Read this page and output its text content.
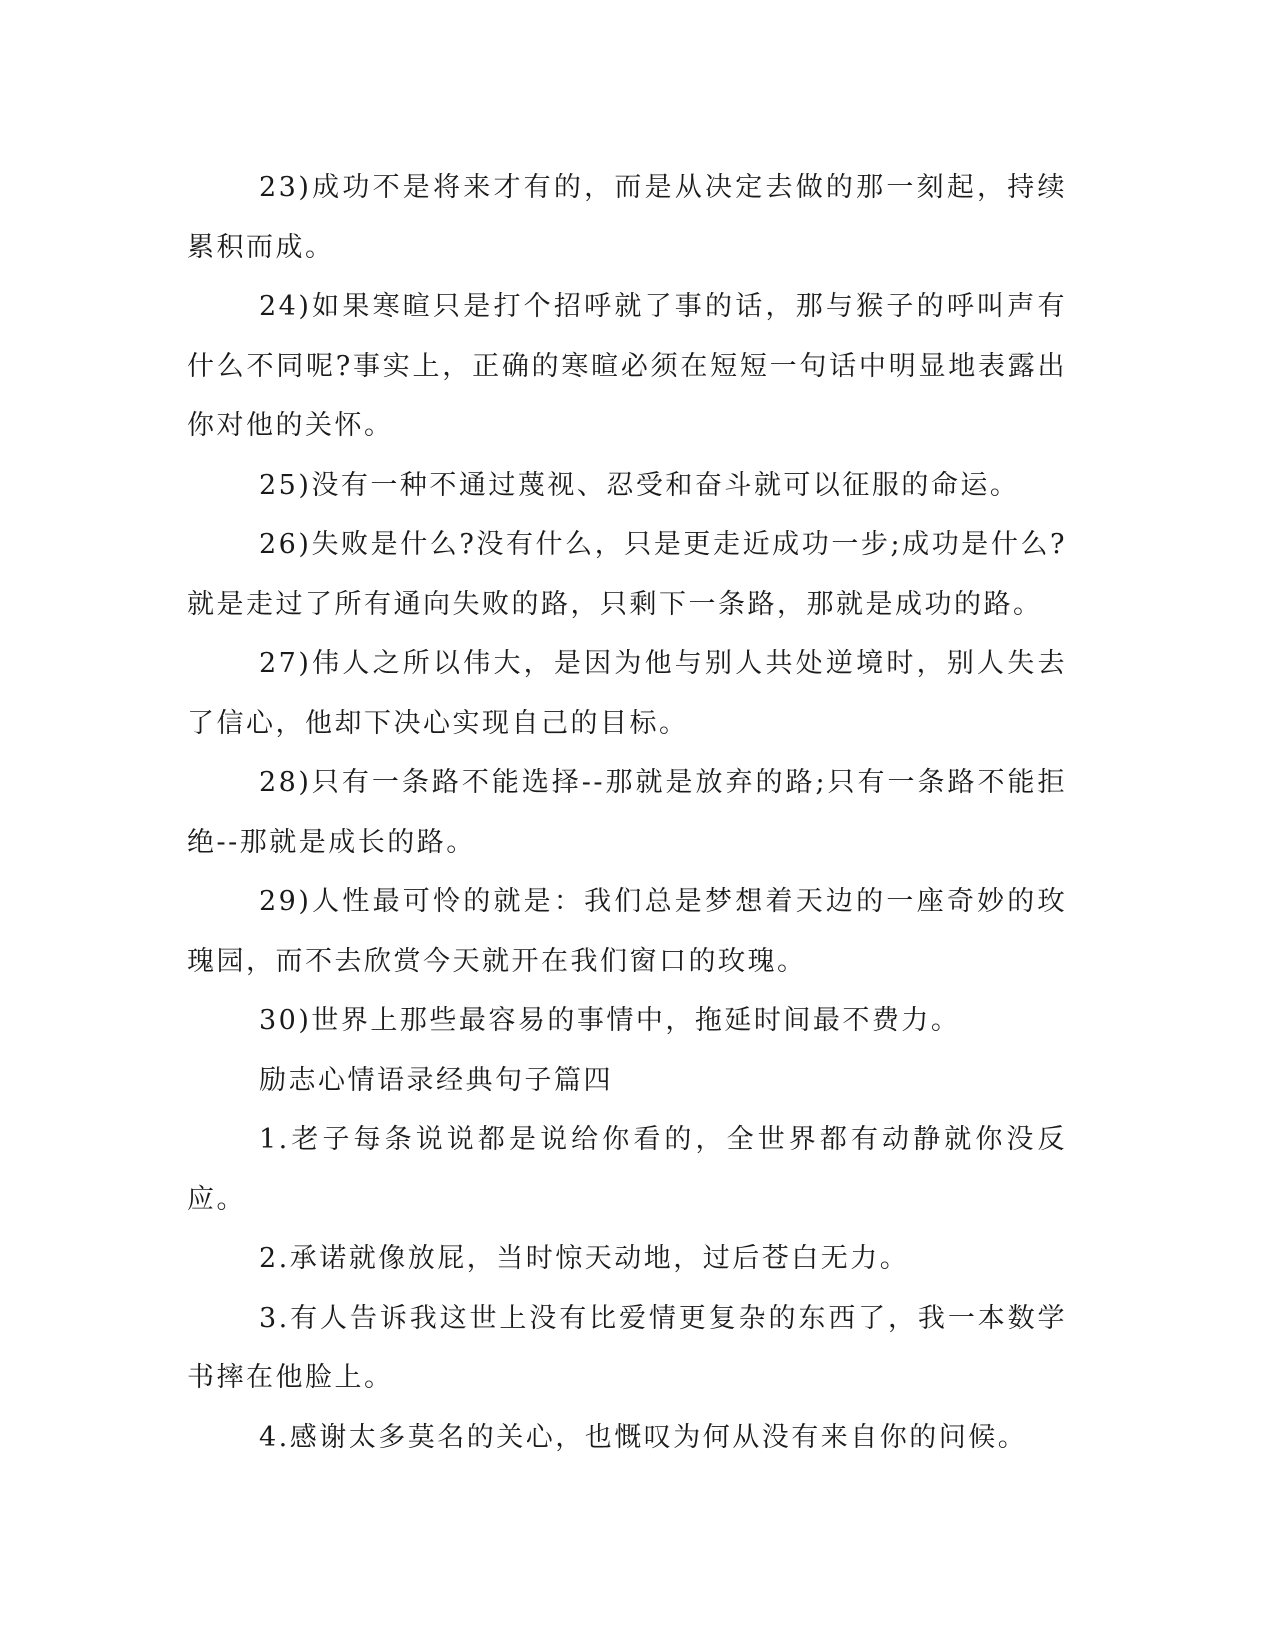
23)成功不是将来才有的，而是从决定去做的那一刻起，持续累积而成。

24)如果寒暄只是打个招呼就了事的话，那与猴子的呼叫声有什么不同呢?事实上，正确的寒暄必须在短短一句话中明显地表露出你对他的关怀。

25)没有一种不通过蔑视、忍受和奋斗就可以征服的命运。

26)失败是什么?没有什么，只是更走近成功一步;成功是什么?就是走过了所有通向失败的路，只剩下一条路，那就是成功的路。

27)伟人之所以伟大，是因为他与别人共处逆境时，别人失去了信心，他却下决心实现自己的目标。

28)只有一条路不能选择--那就是放弃的路;只有一条路不能拒绝--那就是成长的路。

29)人性最可怜的就是：我们总是梦想着天边的一座奇妙的玫瑰园，而不去欣赏今天就开在我们窗口的玫瑰。

30)世界上那些最容易的事情中，拖延时间最不费力。

励志心情语录经典句子篇四

1.老子每条说说都是说给你看的，全世界都有动静就你没反应。

2.承诺就像放屁，当时惊天动地，过后苍白无力。

3.有人告诉我这世上没有比爱情更复杂的东西了，我一本数学书摔在他脸上。

4.感谢太多莫名的关心，也慨叹为何从没有来自你的问候。
